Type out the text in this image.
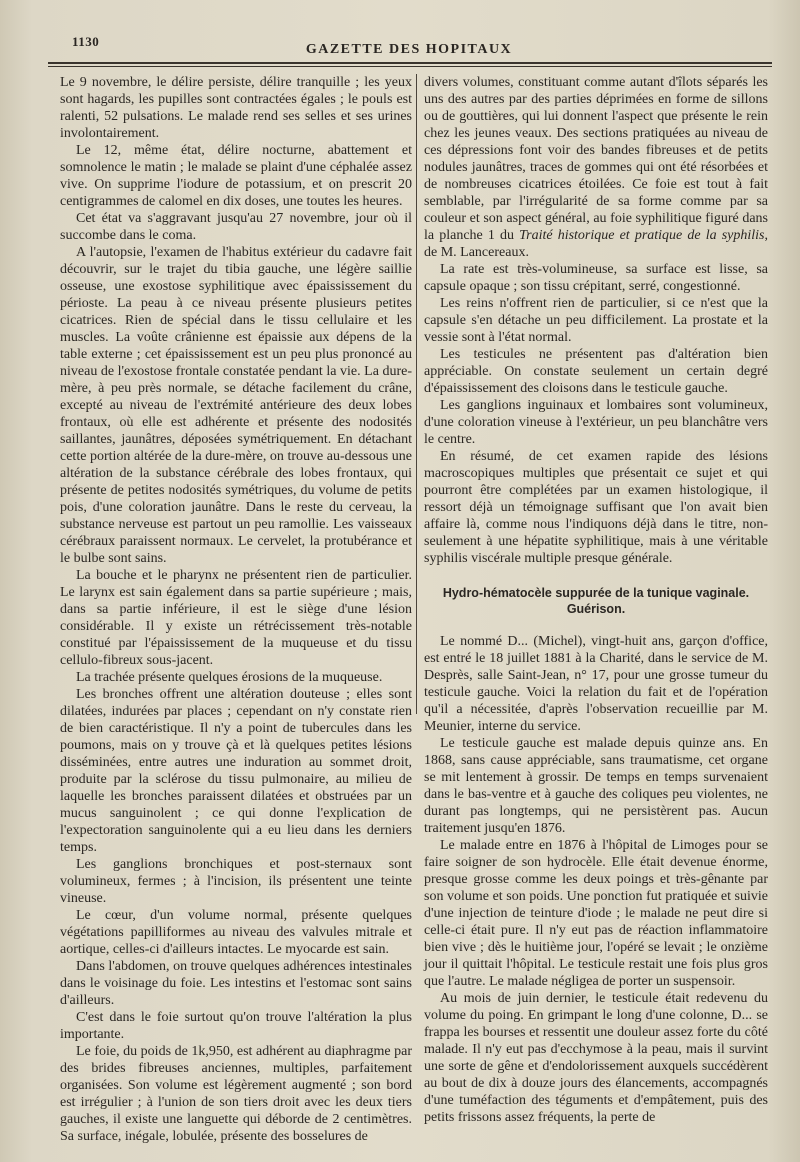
1130
GAZETTE DES HOPITAUX

Le 9 novembre, le délire persiste, délire tranquille ; les yeux sont hagards, les pupilles sont contractées égales ; le pouls est ralenti, 52 pulsations. Le malade rend ses selles et ses urines involontairement.

Le 12, même état, délire nocturne, abattement et somnolence le matin ; le malade se plaint d'une céphalée assez vive. On supprime l'iodure de potassium, et on prescrit 20 centigrammes de calomel en dix doses, une toutes les heures.

Cet état va s'aggravant jusqu'au 27 novembre, jour où il succombe dans le coma.

A l'autopsie, l'examen de l'habitus extérieur du cadavre fait découvrir, sur le trajet du tibia gauche, une légère saillie osseuse, une exostose syphilitique avec épaississement du périoste. La peau à ce niveau présente plusieurs petites cicatrices. Rien de spécial dans le tissu cellulaire et les muscles. La voûte crânienne est épaissie aux dépens de la table externe ; cet épaississement est un peu plus prononcé au niveau de l'exostose frontale constatée pendant la vie. La dure-mère, à peu près normale, se détache facilement du crâne, excepté au niveau de l'extrémité antérieure des deux lobes frontaux, où elle est adhérente et présente des nodosités saillantes, jaunâtres, déposées symétriquement. En détachant cette portion altérée de la dure-mère, on trouve au-dessous une altération de la substance cérébrale des lobes frontaux, qui présente de petites nodosités symétriques, du volume de petits pois, d'une coloration jaunâtre. Dans le reste du cerveau, la substance nerveuse est partout un peu ramollie. Les vaisseaux cérébraux paraissent normaux. Le cervelet, la protubérance et le bulbe sont sains.

La bouche et le pharynx ne présentent rien de particulier. Le larynx est sain également dans sa partie supérieure ; mais, dans sa partie inférieure, il est le siège d'une lésion considérable. Il y existe un rétrécissement très-notable constitué par l'épaississement de la muqueuse et du tissu cellulo-fibreux sous-jacent.

La trachée présente quelques érosions de la muqueuse.

Les bronches offrent une altération douteuse ; elles sont dilatées, indurées par places ; cependant on n'y constate rien de bien caractéristique. Il n'y a point de tubercules dans les poumons, mais on y trouve çà et là quelques petites lésions disséminées, entre autres une induration au sommet droit, produite par la sclérose du tissu pulmonaire, au milieu de laquelle les bronches paraissent dilatées et obstruées par un mucus sanguinolent ; ce qui donne l'explication de l'expectoration sanguinolente qui a eu lieu dans les derniers temps.

Les ganglions bronchiques et post-sternaux sont volumineux, fermes ; à l'incision, ils présentent une teinte vineuse.

Le cœur, d'un volume normal, présente quelques végétations papilliformes au niveau des valvules mitrale et aortique, celles-ci d'ailleurs intactes. Le myocarde est sain.

Dans l'abdomen, on trouve quelques adhérences intestinales dans le voisinage du foie. Les intestins et l'estomac sont sains d'ailleurs.

C'est dans le foie surtout qu'on trouve l'altération la plus importante.

Le foie, du poids de 1k,950, est adhérent au diaphragme par des brides fibreuses anciennes, multiples, parfaitement organisées. Son volume est légèrement augmenté ; son bord est irrégulier ; à l'union de son tiers droit avec les deux tiers gauches, il existe une languette qui déborde de 2 centimètres. Sa surface, inégale, lobulée, présente des bosselures de

divers volumes, constituant comme autant d'îlots séparés les uns des autres par des parties déprimées en forme de sillons ou de gouttières, qui lui donnent l'aspect que présente le rein chez les jeunes veaux. Des sections pratiquées au niveau de ces dépressions font voir des bandes fibreuses et de petits nodules jaunâtres, traces de gommes qui ont été résorbées et de nombreuses cicatrices étoilées. Ce foie est tout à fait semblable, par l'irrégularité de sa forme comme par sa couleur et son aspect général, au foie syphilitique figuré dans la planche 1 du Traité historique et pratique de la syphilis, de M. Lancereaux.

La rate est très-volumineuse, sa surface est lisse, sa capsule opaque ; son tissu crépitant, serré, congestionné.

Les reins n'offrent rien de particulier, si ce n'est que la capsule s'en détache un peu difficilement. La prostate et la vessie sont à l'état normal.

Les testicules ne présentent pas d'altération bien appréciable. On constate seulement un certain degré d'épaississement des cloisons dans le testicule gauche.

Les ganglions inguinaux et lombaires sont volumineux, d'une coloration vineuse à l'extérieur, un peu blanchâtre vers le centre.

En résumé, de cet examen rapide des lésions macroscopiques multiples que présentait ce sujet et qui pourront être complétées par un examen histologique, il ressort déjà un témoignage suffisant que l'on avait bien affaire là, comme nous l'indiquons déjà dans le titre, non-seulement à une hépatite syphilitique, mais à une véritable syphilis viscérale multiple presque générale.

Hydro-hématocèle suppurée de la tunique vaginale.
Guérison.

Le nommé D... (Michel), vingt-huit ans, garçon d'office, est entré le 18 juillet 1881 à la Charité, dans le service de M. Desprès, salle Saint-Jean, n° 17, pour une grosse tumeur du testicule gauche. Voici la relation du fait et de l'opération qu'il a nécessitée, d'après l'observation recueillie par M. Meunier, interne du service.

Le testicule gauche est malade depuis quinze ans. En 1868, sans cause appréciable, sans traumatisme, cet organe se mit lentement à grossir. De temps en temps survenaient dans le bas-ventre et à gauche des coliques peu violentes, ne durant pas longtemps, qui ne persistèrent pas. Aucun traitement jusqu'en 1876.

Le malade entre en 1876 à l'hôpital de Limoges pour se faire soigner de son hydrocèle. Elle était devenue énorme, presque grosse comme les deux poings et très-gênante par son volume et son poids. Une ponction fut pratiquée et suivie d'une injection de teinture d'iode ; le malade ne peut dire si celle-ci était pure. Il n'y eut pas de réaction inflammatoire bien vive ; dès le huitième jour, l'opéré se levait ; le onzième jour il quittait l'hôpital. Le testicule restait une fois plus gros que l'autre. Le malade négligea de porter un suspensoir.

Au mois de juin dernier, le testicule était redevenu du volume du poing. En grimpant le long d'une colonne, D... se frappa les bourses et ressentit une douleur assez forte du côté malade. Il n'y eut pas d'ecchymose à la peau, mais il survint une sorte de gêne et d'endolorissement auxquels succédèrent au bout de dix à douze jours des élancements, accompagnés d'une tuméfaction des téguments et d'empâtement, puis des petits frissons assez fréquents, la perte de
